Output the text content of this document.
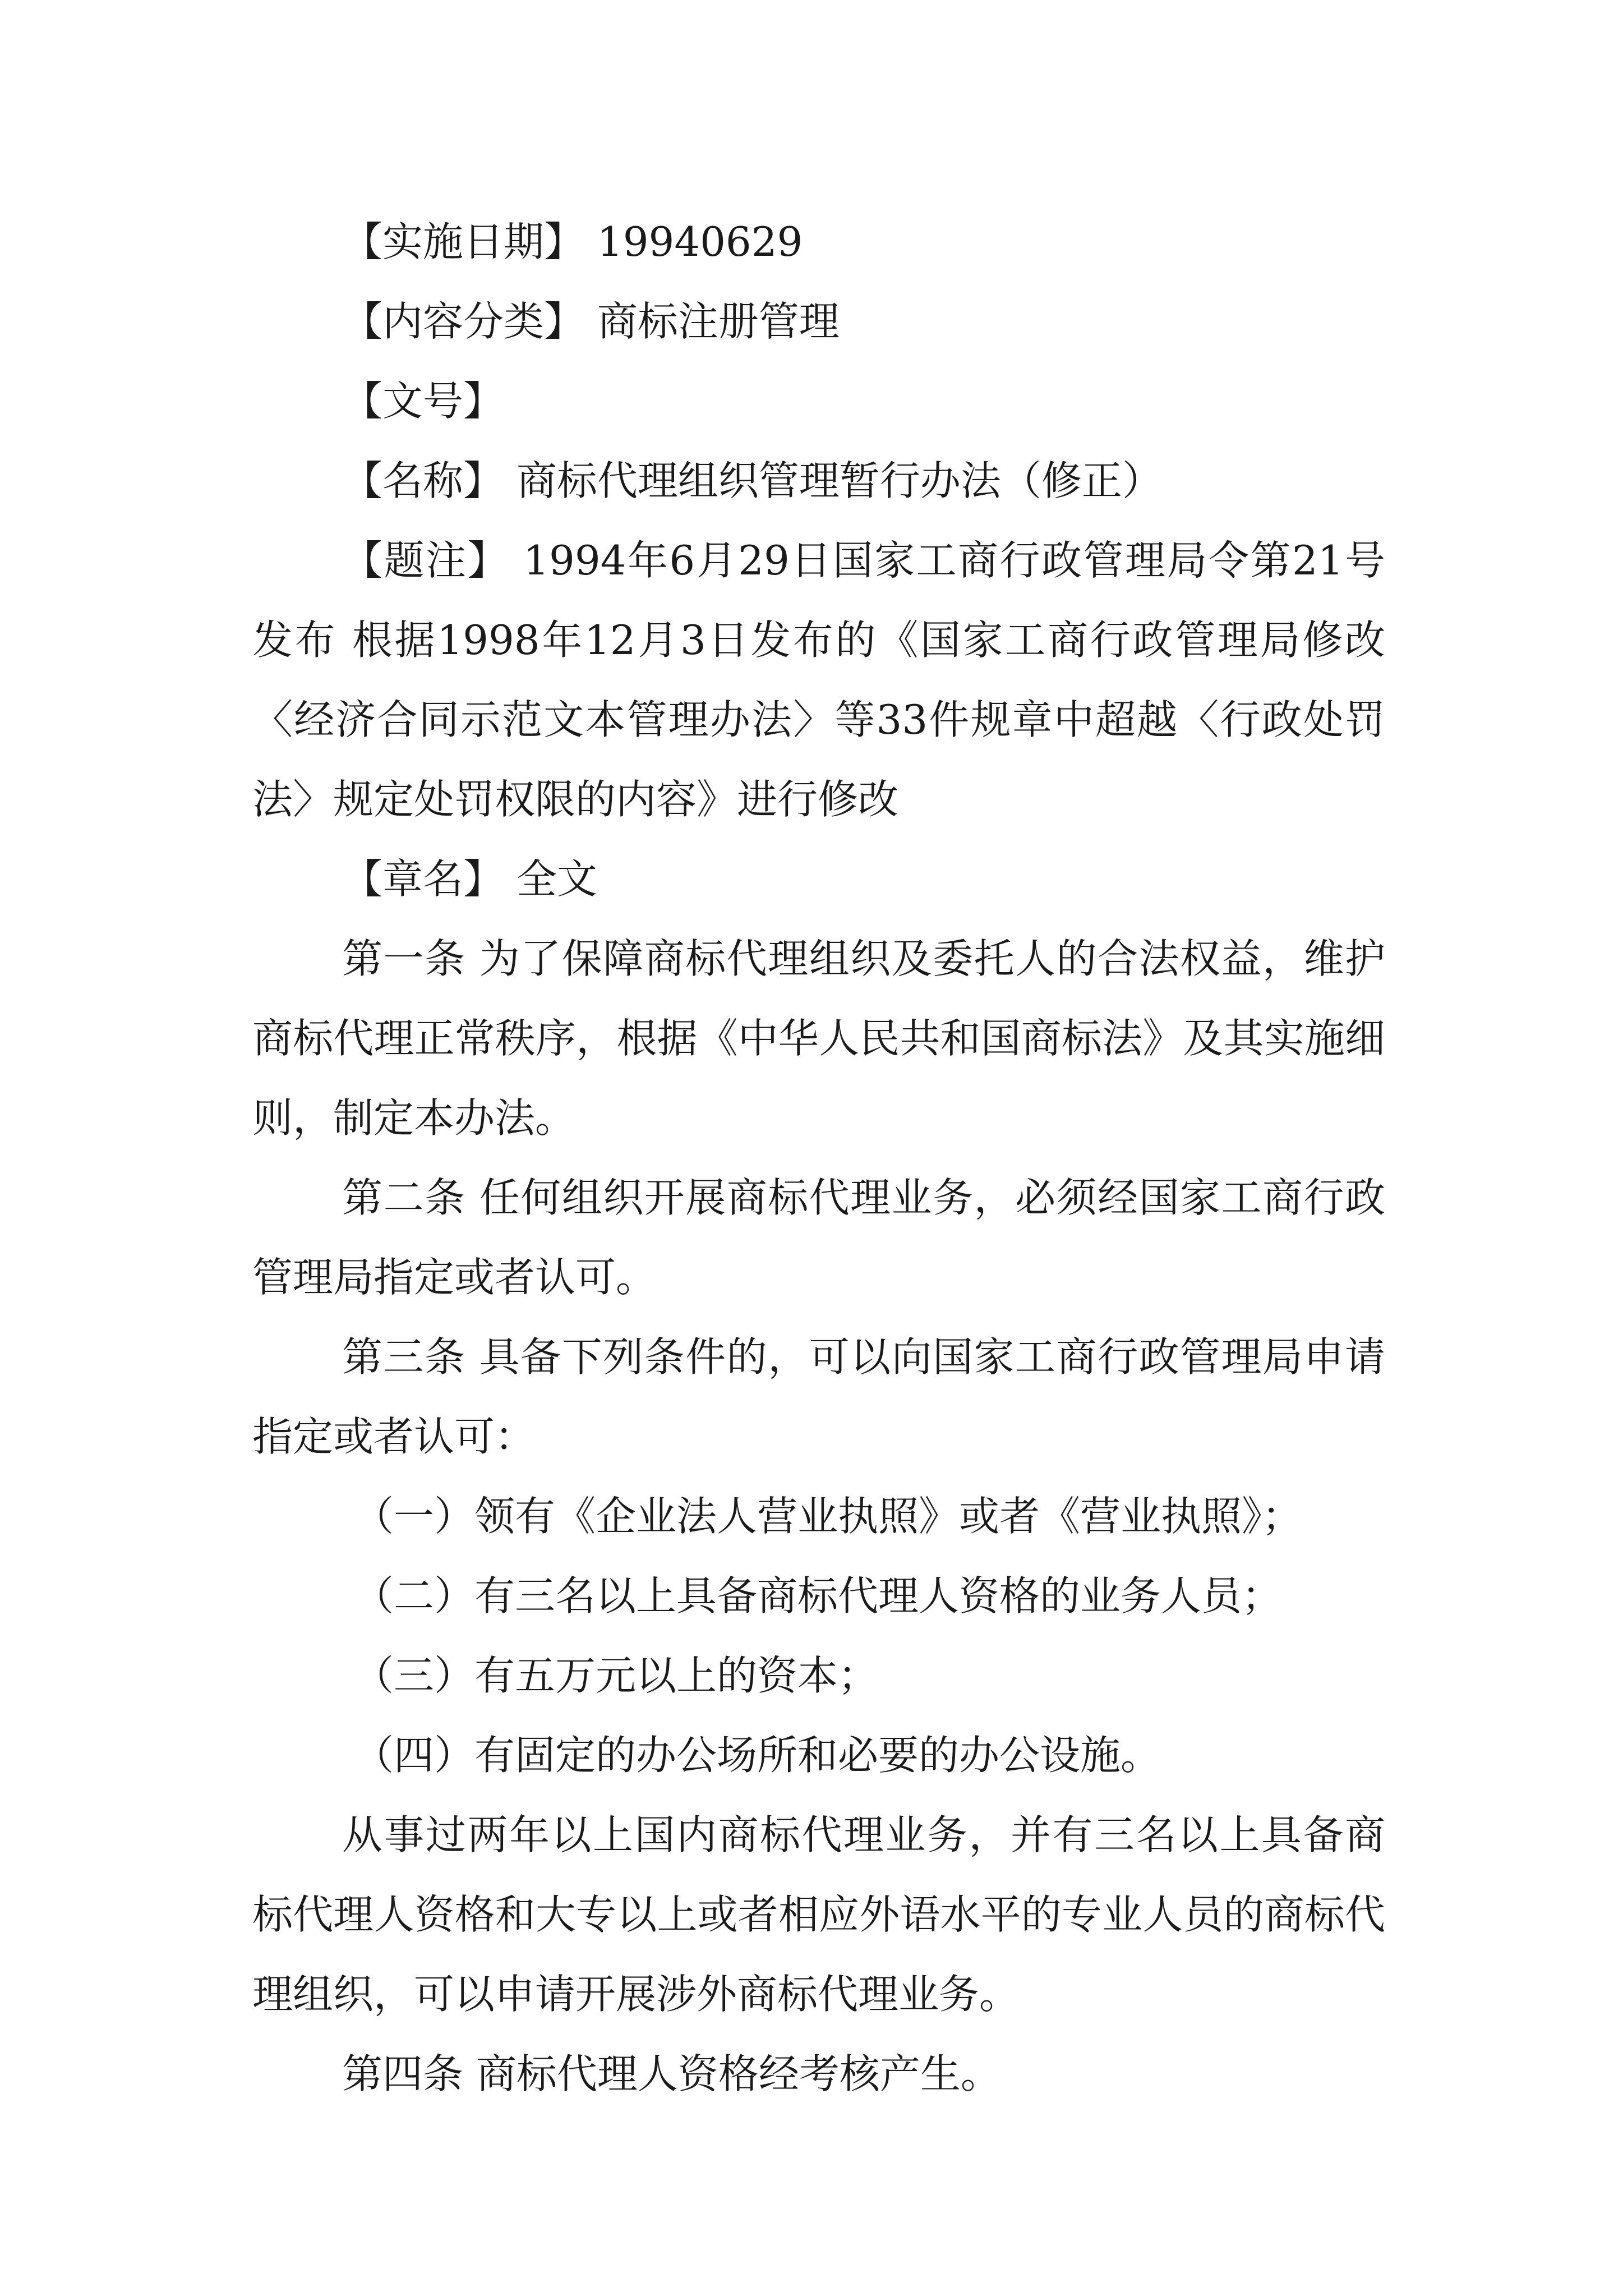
【实施日期】 19940629

【内容分类】 商标注册管理

【文号】

【名称】 商标代理组织管理暂行办法（修正）

【题注】 1994年6月29日国家工商行政管理局令第21号发布 根据1998年12月3日发布的《国家工商行政管理局修改〈经济合同示范文本管理办法〉等33件规章中超越〈行政处罚法〉规定处罚权限的内容》进行修改

【章名】 全文

第一条 为了保障商标代理组织及委托人的合法权益，维护商标代理正常秩序，根据《中华人民共和国商标法》及其实施细则，制定本办法。

第二条 任何组织开展商标代理业务，必须经国家工商行政管理局指定或者认可。

第三条 具备下列条件的，可以向国家工商行政管理局申请指定或者认可：

（一）领有《企业法人营业执照》或者《营业执照》；

（二）有三名以上具备商标代理人资格的业务人员；

（三）有五万元以上的资本；

（四）有固定的办公场所和必要的办公设施。

从事过两年以上国内商标代理业务，并有三名以上具备商标代理人资格和大专以上或者相应外语水平的专业人员的商标代理组织，可以申请开展涉外商标代理业务。

第四条 商标代理人资格经考核产生。
